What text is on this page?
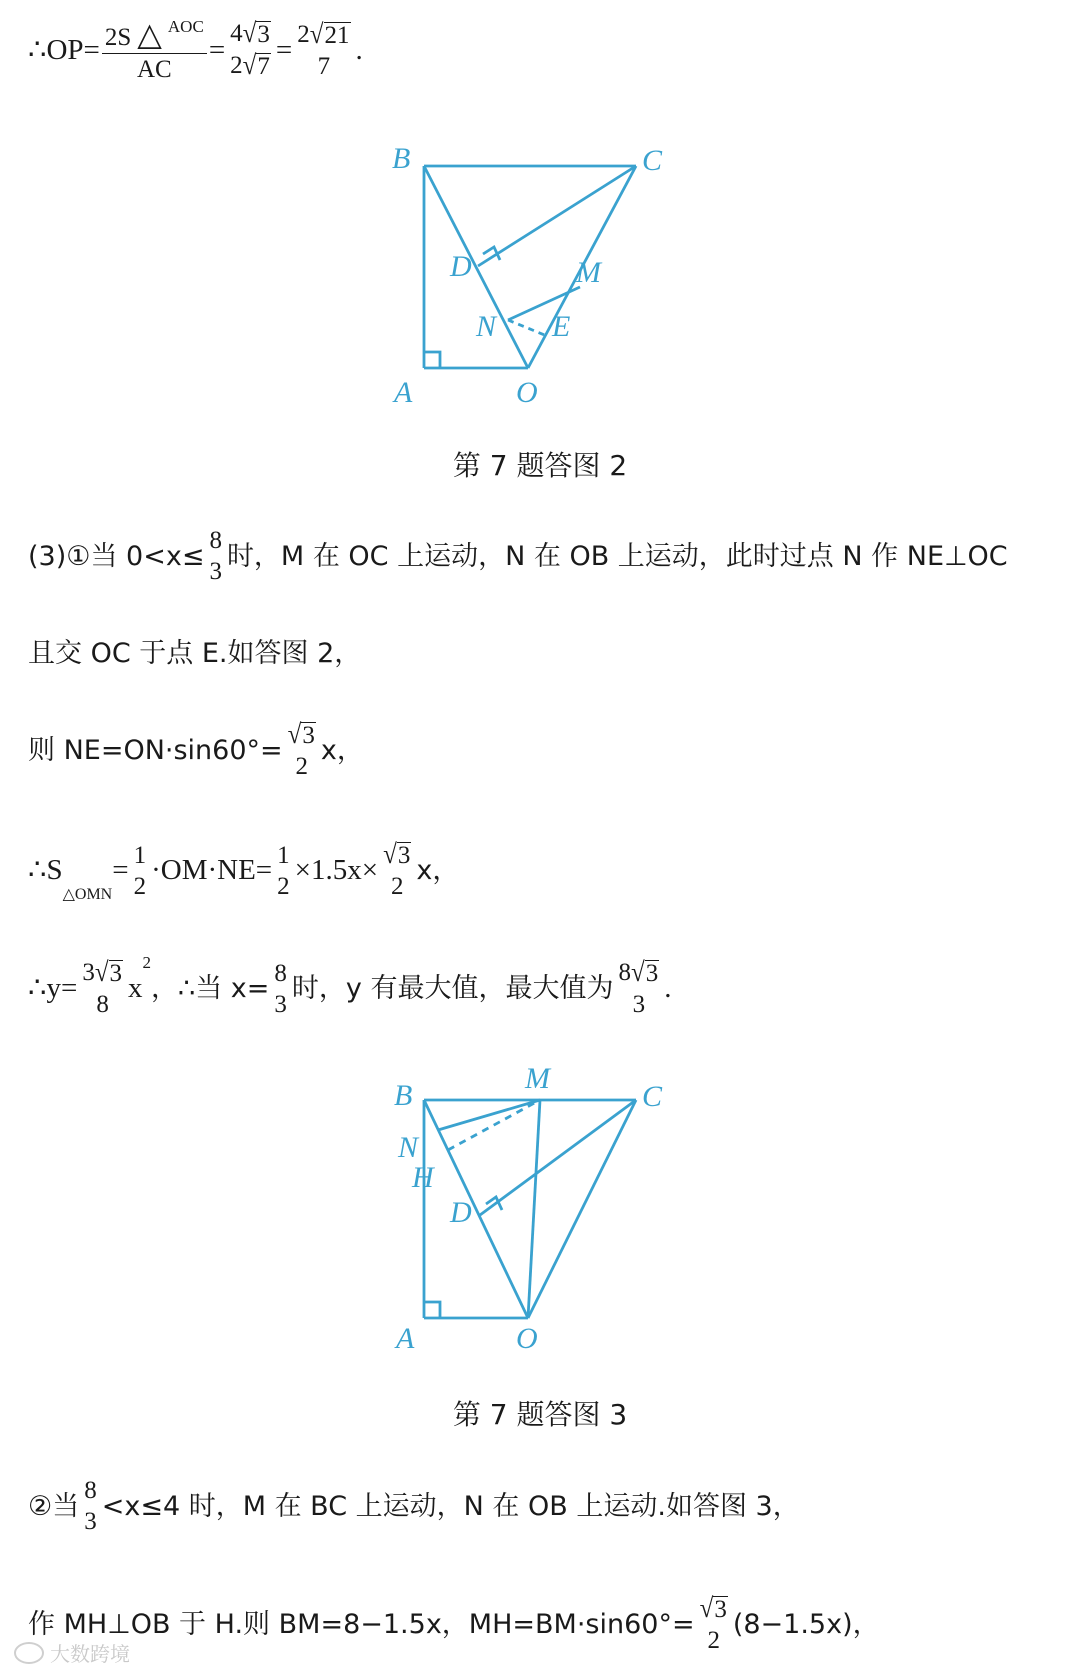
∴OP= $\frac{\text{2S △ AOC}}{AC} = 4$ √ 3
2 √ 7
= 2 √ 21
7
.
B	C
D	M
N E
A	O
第 7 题答图 2
(3)①当 0<x≤ 8
3 时，M 在 OC 上运动，N 在 OB 上运动，此时过点 N 作 NE⊥OC
且交 OC 于点 E.如答图 2，
则 NE=ON·sin60°=
√ 3
2
x，
∴S
△OMN
= 1
2 ·OM·NE= 1
2 ×1.5x× √ 3
2
x，
∴y= 3 √ 3
8
x
2
，∴当 x= 8
3 时，y 有最大值，最大值为
8 √ 3
3
.
B
M
C
N
H
D
A	O
第 7 题答图 3
②当 8
3 <x≤4 时，M 在 BC 上运动，N 在 OB 上运动.如答图 3，
作 MH⊥OB 于 H.则 BM=8−1.5x，MH=BM·sin60°=
√ 3
2
(8−1.5x)，
大数跨境
